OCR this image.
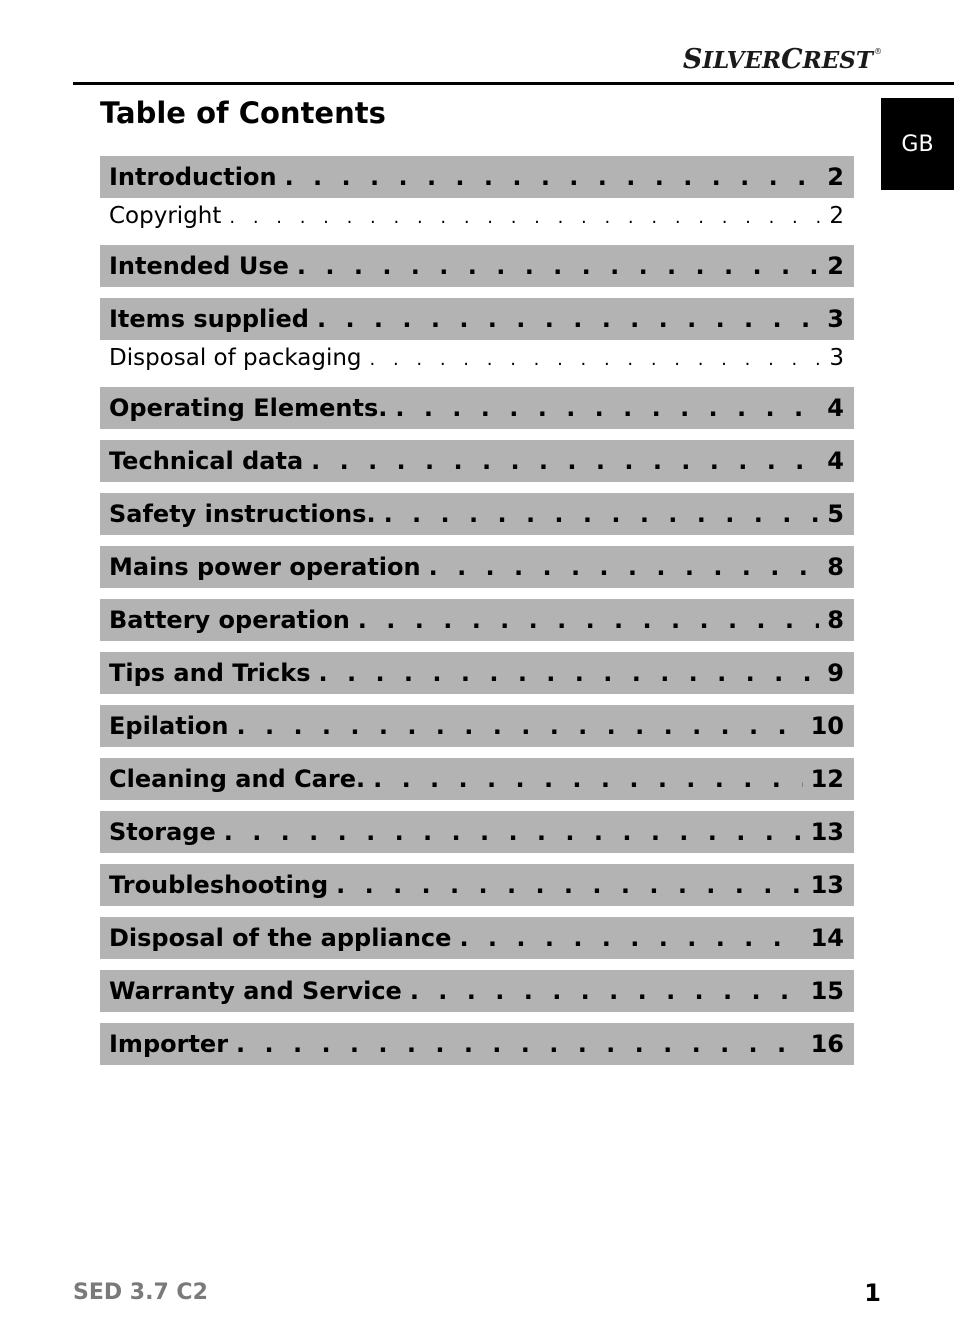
SILVERCREST®
GB
Table of Contents
Introduction . . .	2
Copyright . . .	2
Intended Use . . .	2
Items supplied . . .	3
Disposal of packaging . . .	3
Operating Elements. . . .	4
Technical data . . .	4
Safety instructions. . . .	5
Mains power operation . . .	8
Battery operation . . .	8
Tips and Tricks . . .	9
Epilation . . .	10
Cleaning and Care. . . .	12
Storage . . .	13
Troubleshooting . . .	13
Disposal of the appliance . . .	14
Warranty and Service . . .	15
Importer . . .	16
SED 3.7 C2	1
